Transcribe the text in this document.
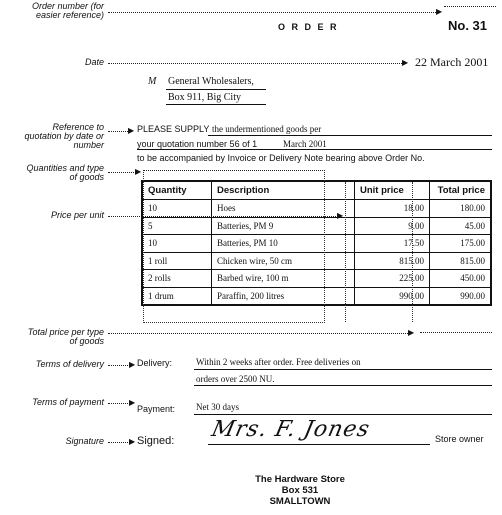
Order number (for
easier reference)	▶
O R D E R	No. 31
Date	▶ 22 March 2001
M General Wholesalers,
Box 911, Big City
Reference to
quotation by date or
number
▶ PLEASE SUPPLY the undermentioned goods per
your quotation number 56 of 1	March 2001
to be accompanied by Invoice or Delivery Note bearing above Order No.
Quantities and type
of goods
▶
Price per unit	▶
Quantity	Description	Unit price	Total price
10	Hoes	18.00	180.00
5	Batteries, PM 9	9.00	45.00
10	Batteries, PM 10	17.50	175.00
1 roll	Chicken wire, 50 cm	815.00	815.00
2 rolls	Barbed wire, 100 m	225.00	450.00
1 drum	Paraffin, 200 litres	990.00	990.00
Total price per type
of goods
▶
Terms of delivery	▶ Delivery:	Within 2 weeks after order. Free deliveries on
orders over 2500 NU.
Terms of payment	▶
Payment: Net 30 days
Signature	▶ Signed: Mrs. F. Jones	Store owner
The Hardware Store
Box 531
SMALLTOWN
